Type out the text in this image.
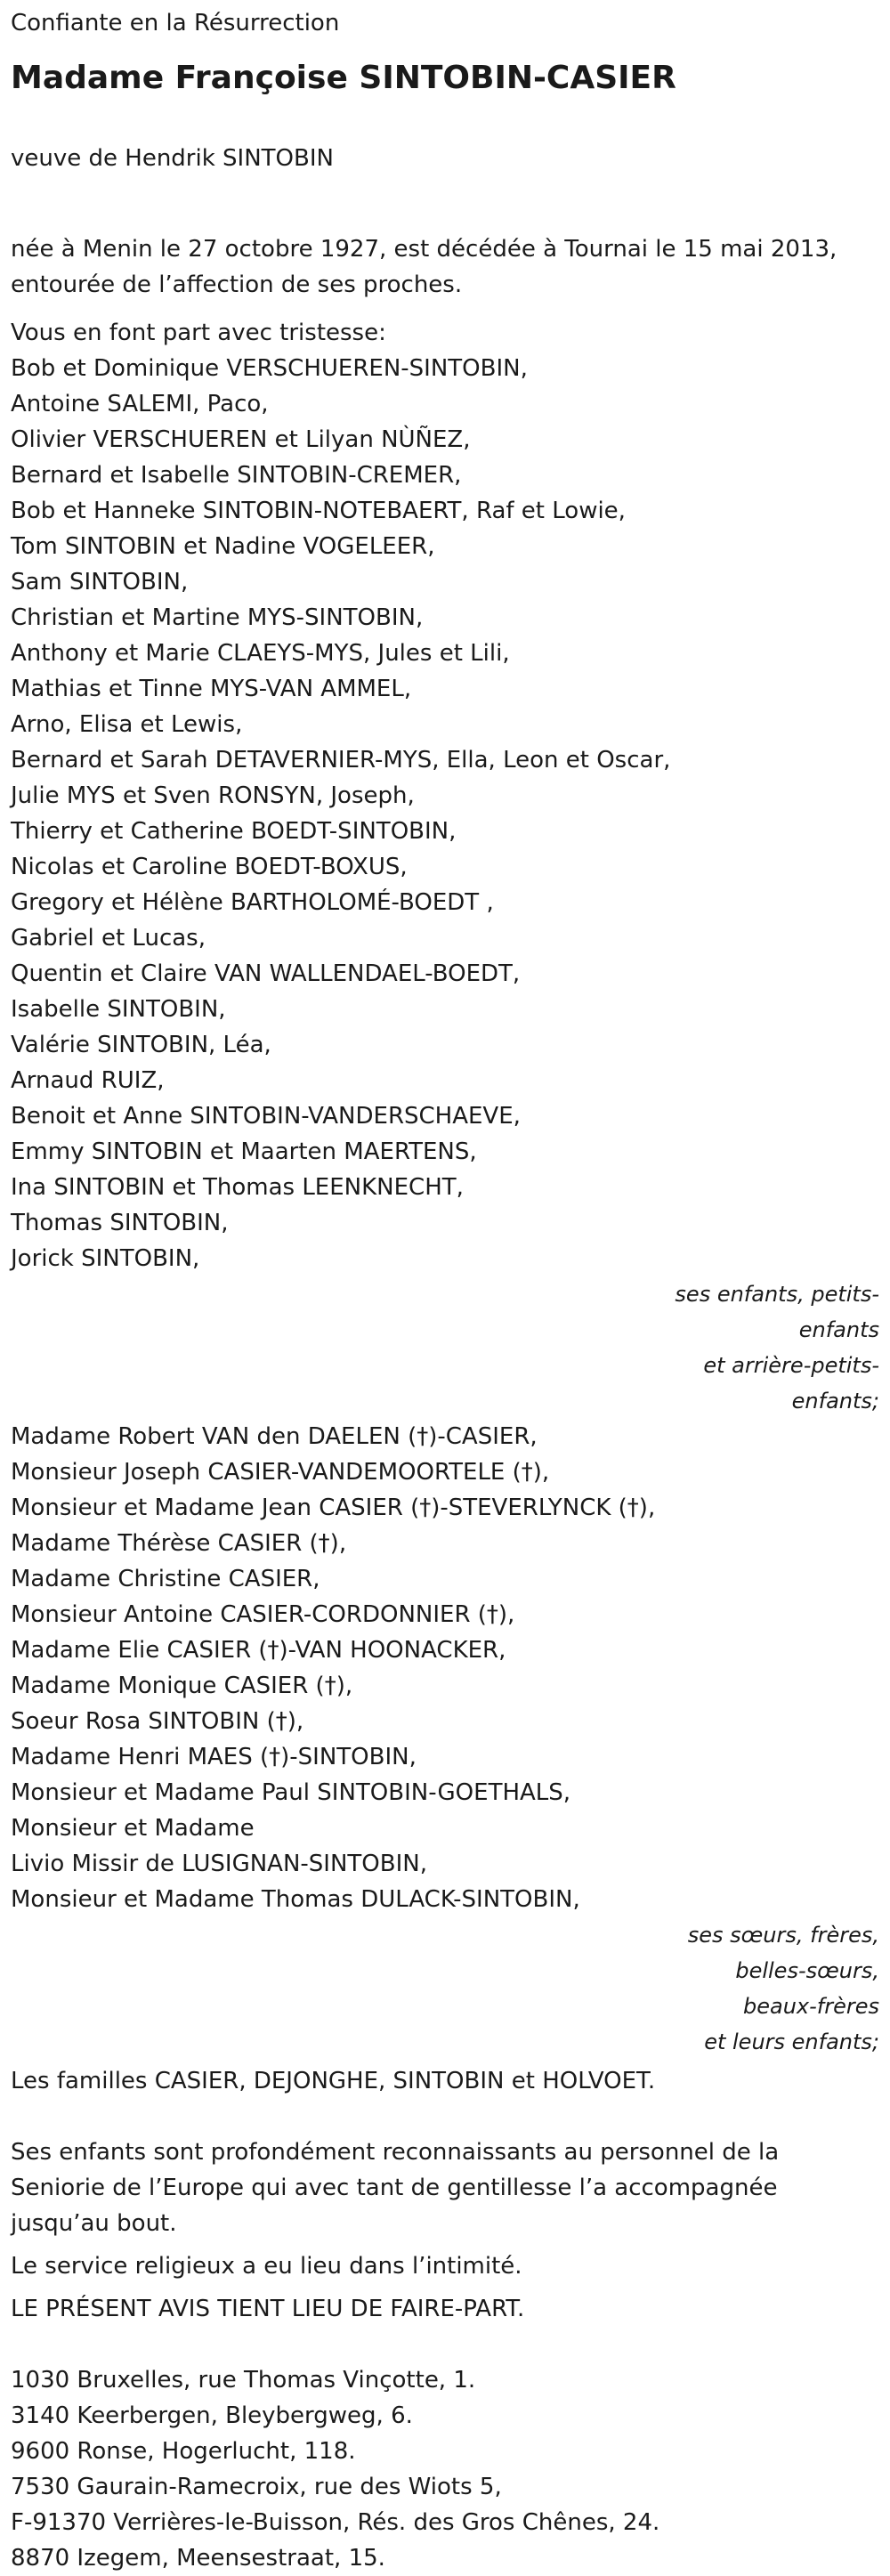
Confiante en la Résurrection
Madame Françoise SINTOBIN-CASIER
veuve de Hendrik SINTOBIN
née à Menin le 27 octobre 1927, est décédée à Tournai le 15 mai 2013,
entourée de l’affection de ses proches.
Vous en font part avec tristesse:
Bob et Dominique VERSCHUEREN-SINTOBIN,
Antoine SALEMI, Paco,
Olivier VERSCHUEREN et Lilyan NÙÑEZ,
Bernard et Isabelle SINTOBIN-CREMER,
Bob et Hanneke SINTOBIN-NOTEBAERT, Raf et Lowie,
Tom SINTOBIN et Nadine VOGELEER,
Sam SINTOBIN,
Christian et Martine MYS-SINTOBIN,
Anthony et Marie CLAEYS-MYS, Jules et Lili,
Mathias et Tinne MYS-VAN AMMEL,
Arno, Elisa et Lewis,
Bernard et Sarah DETAVERNIER-MYS, Ella, Leon et Oscar,
Julie MYS et Sven RONSYN, Joseph,
Thierry et Catherine BOEDT-SINTOBIN,
Nicolas et Caroline BOEDT-BOXUS,
Gregory et Hélène BARTHOLOMÉ-BOEDT ,
Gabriel et Lucas,
Quentin et Claire VAN WALLENDAEL-BOEDT,
Isabelle SINTOBIN,
Valérie SINTOBIN, Léa,
Arnaud RUIZ,
Benoit et Anne SINTOBIN-VANDERSCHAEVE,
Emmy SINTOBIN et Maarten MAERTENS,
Ina SINTOBIN et Thomas LEENKNECHT,
Thomas SINTOBIN,
Jorick SINTOBIN,
ses enfants, petits-
enfants
et arrière-petits-
enfants;
Madame Robert VAN den DAELEN (†)-CASIER,
Monsieur Joseph CASIER-VANDEMOORTELE (†),
Monsieur et Madame Jean CASIER (†)-STEVERLYNCK (†),
Madame Thérèse CASIER (†),
Madame Christine CASIER,
Monsieur Antoine CASIER-CORDONNIER (†),
Madame Elie CASIER (†)-VAN HOONACKER,
Madame Monique CASIER (†),
Soeur Rosa SINTOBIN (†),
Madame Henri MAES (†)-SINTOBIN,
Monsieur et Madame Paul SINTOBIN-GOETHALS,
Monsieur et Madame
Livio Missir de LUSIGNAN-SINTOBIN,
Monsieur et Madame Thomas DULACK-SINTOBIN,
ses sœurs, frères,
belles-sœurs,
beaux-frères
et leurs enfants;
Les familles CASIER, DEJONGHE, SINTOBIN et HOLVOET.
Ses enfants sont profondément reconnaissants au personnel de la
Seniorie de l’Europe qui avec tant de gentillesse l’a accompagnée
jusqu’au bout.
Le service religieux a eu lieu dans l’intimité.
LE PRÉSENT AVIS TIENT LIEU DE FAIRE-PART.
1030 Bruxelles, rue Thomas Vinçotte, 1.
3140 Keerbergen, Bleybergweg, 6.
9600 Ronse, Hogerlucht, 118.
7530 Gaurain-Ramecroix, rue des Wiots 5,
F-91370 Verrières-le-Buisson, Rés. des Gros Chênes, 24.
8870 Izegem, Meensestraat, 15.
